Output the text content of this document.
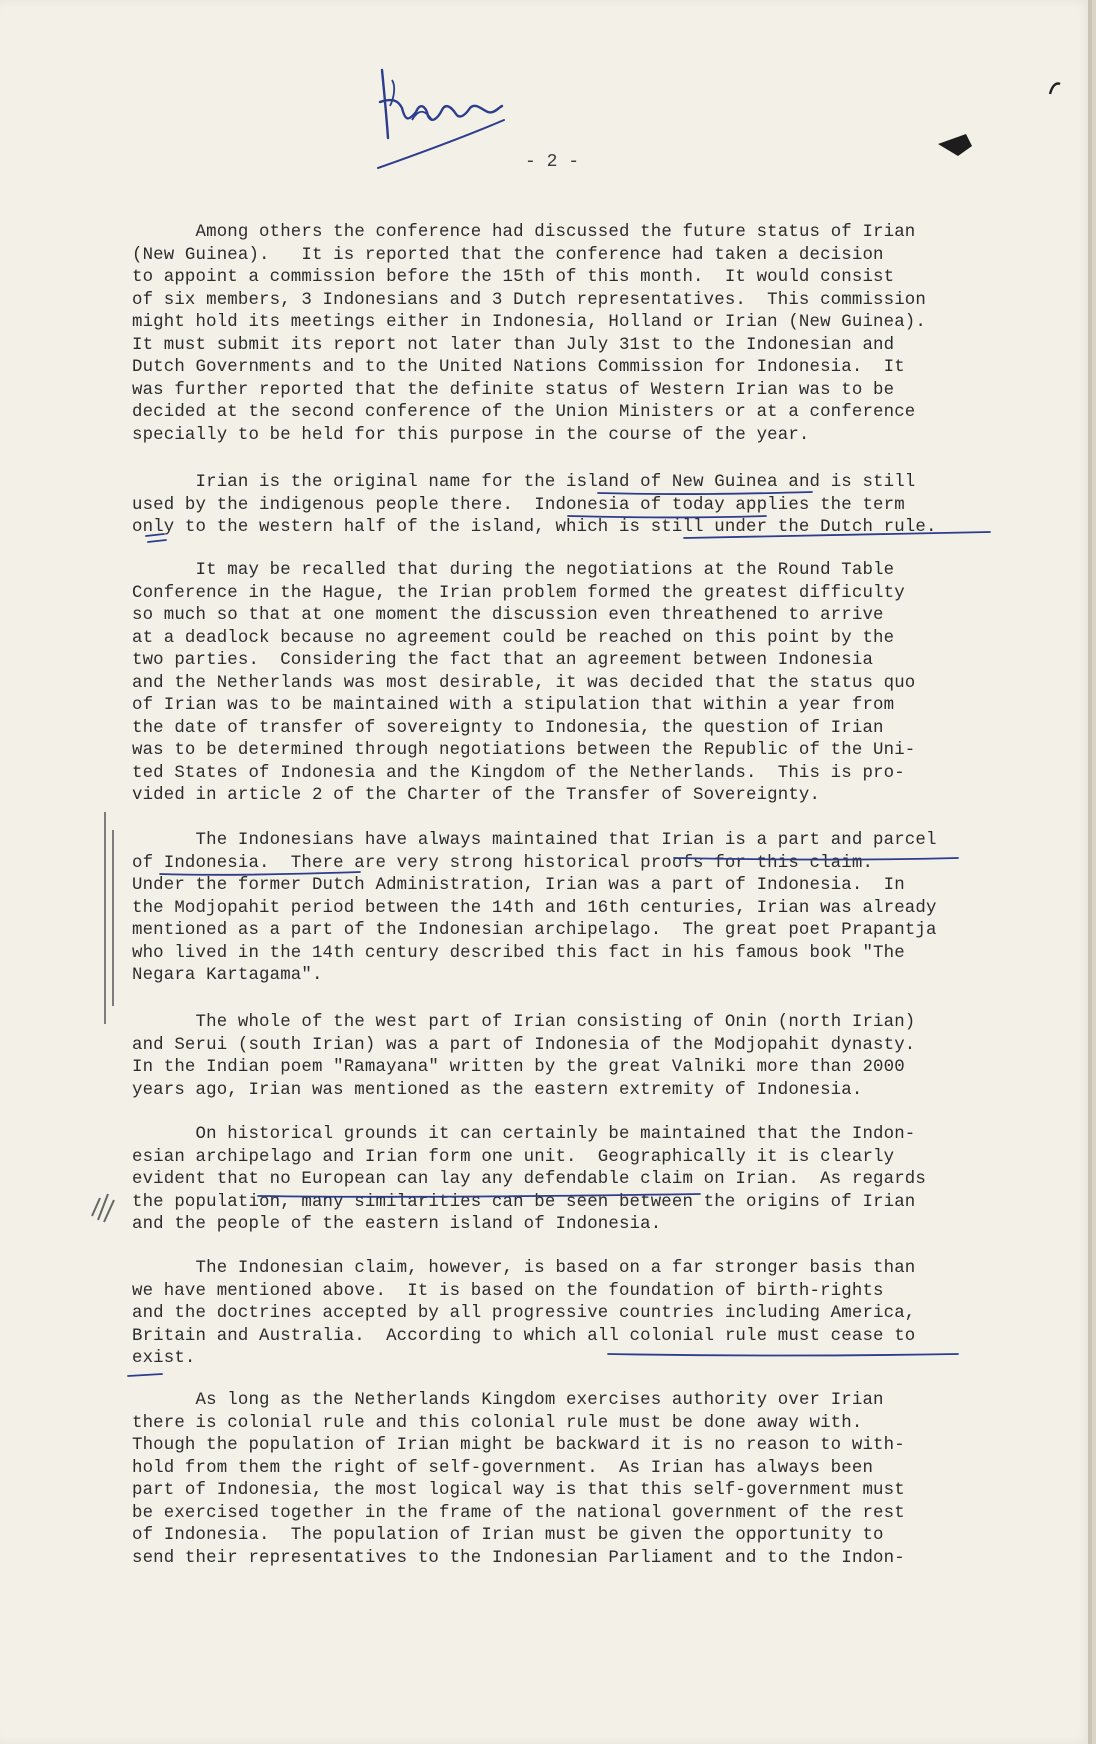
- 2 -

Among others the conference had discussed the future status of Irian
(New Guinea).   It is reported that the conference had taken a decision
to appoint a commission before the 15th of this month.  It would consist
of six members, 3 Indonesians and 3 Dutch representatives.  This commission
might hold its meetings either in Indonesia, Holland or Irian (New Guinea).
It must submit its report not later than July 31st to the Indonesian and
Dutch Governments and to the United Nations Commission for Indonesia.  It
was further reported that the definite status of Western Irian was to be
decided at the second conference of the Union Ministers or at a conference
specially to be held for this purpose in the course of the year.

Irian is the original name for the island of New Guinea and is still
used by the indigenous people there.  Indonesia of today applies the term
only to the western half of the island, which is still under the Dutch rule.

It may be recalled that during the negotiations at the Round Table
Conference in the Hague, the Irian problem formed the greatest difficulty
so much so that at one moment the discussion even threathened to arrive
at a deadlock because no agreement could be reached on this point by the
two parties.  Considering the fact that an agreement between Indonesia
and the Netherlands was most desirable, it was decided that the status quo
of Irian was to be maintained with a stipulation that within a year from
the date of transfer of sovereignty to Indonesia, the question of Irian
was to be determined through negotiations between the Republic of the Uni-
ted States of Indonesia and the Kingdom of the Netherlands.  This is pro-
vided in article 2 of the Charter of the Transfer of Sovereignty.

The Indonesians have always maintained that Irian is a part and parcel
of Indonesia.  There are very strong historical proofs for this claim.
Under the former Dutch Administration, Irian was a part of Indonesia.  In
the Modjopahit period between the 14th and 16th centuries, Irian was already
mentioned as a part of the Indonesian archipelago.  The great poet Prapantja
who lived in the 14th century described this fact in his famous book "The
Negara Kartagama".

The whole of the west part of Irian consisting of Onin (north Irian)
and Serui (south Irian) was a part of Indonesia of the Modjopahit dynasty.
In the Indian poem "Ramayana" written by the great Valniki more than 2000
years ago, Irian was mentioned as the eastern extremity of Indonesia.

On historical grounds it can certainly be maintained that the Indon-
esian archipelago and Irian form one unit.  Geographically it is clearly
evident that no European can lay any defendable claim on Irian.  As regards
the population, many similarities can be seen between the origins of Irian
and the people of the eastern island of Indonesia.

The Indonesian claim, however, is based on a far stronger basis than
we have mentioned above.  It is based on the foundation of birth-rights
and the doctrines accepted by all progressive countries including America,
Britain and Australia.  According to which all colonial rule must cease to
exist.

As long as the Netherlands Kingdom exercises authority over Irian
there is colonial rule and this colonial rule must be done away with.
Though the population of Irian might be backward it is no reason to with-
hold from them the right of self-government.  As Irian has always been
part of Indonesia, the most logical way is that this self-government must
be exercised together in the frame of the national government of the rest
of Indonesia.  The population of Irian must be given the opportunity to
send their representatives to the Indonesian Parliament and to the Indon-
